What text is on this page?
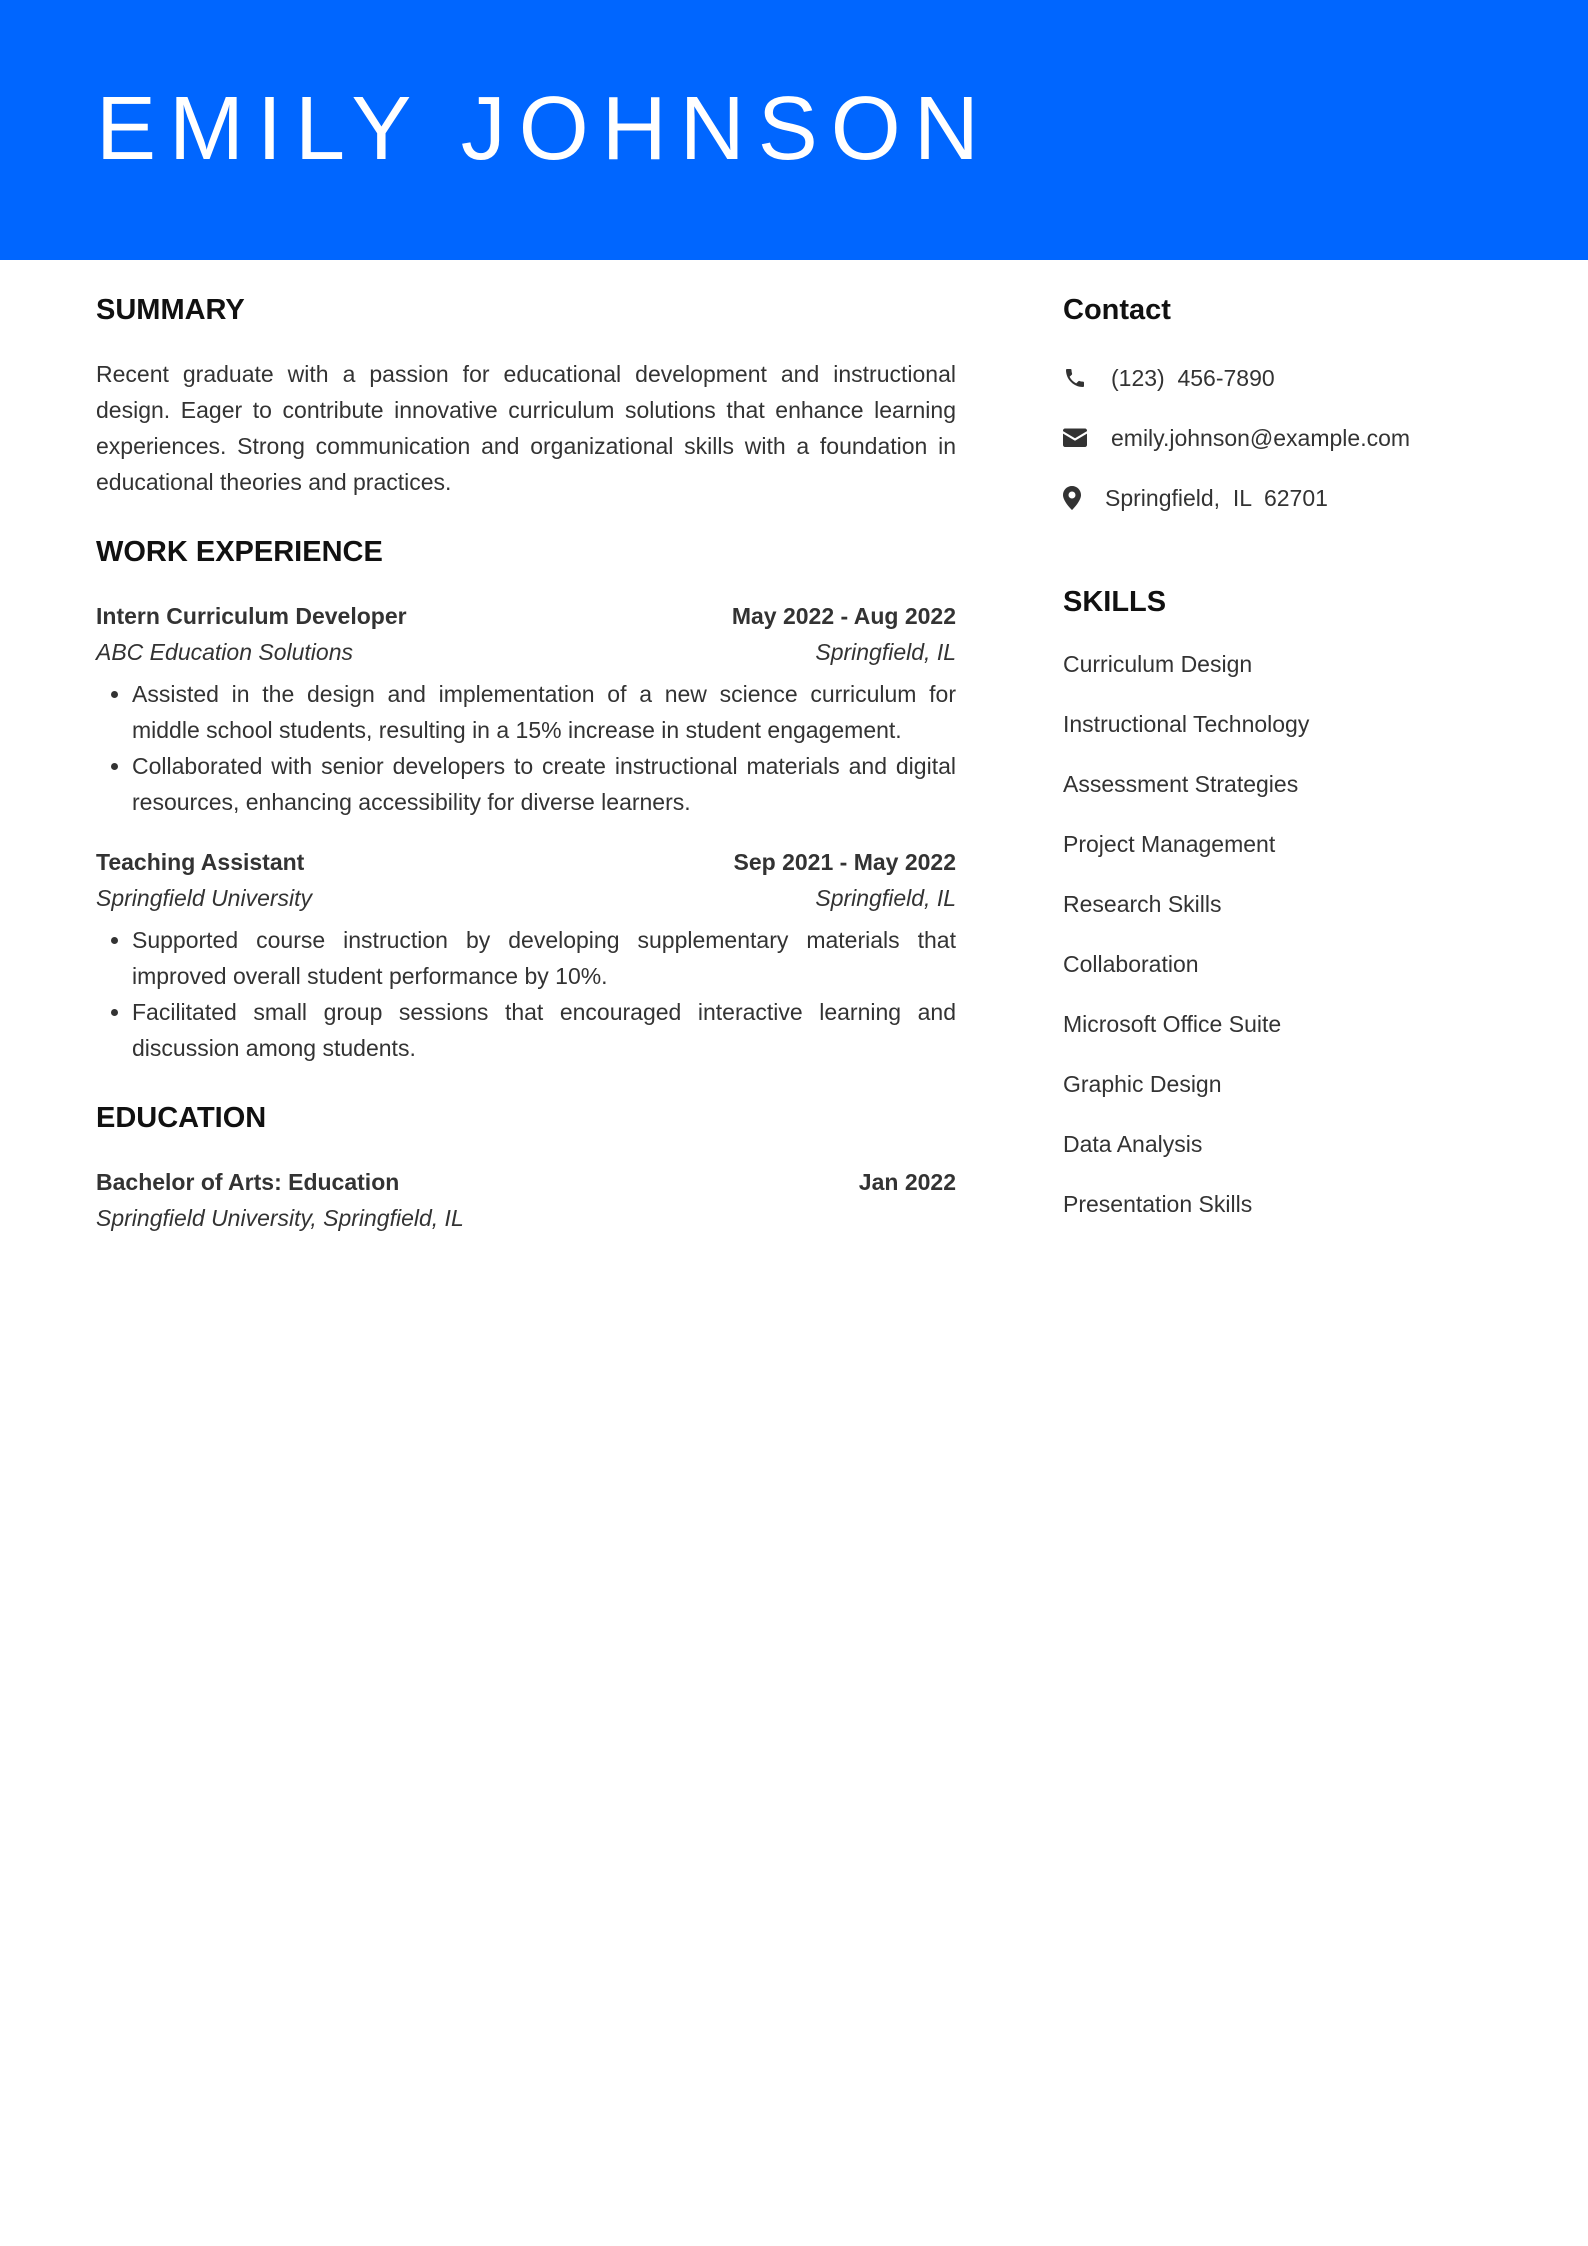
EMILY JOHNSON
SUMMARY

Recent graduate with a passion for educational development and instructional design. Eager to contribute innovative curriculum solutions that enhance learning experiences. Strong communication and organizational skills with a foundation in educational theories and practices.

WORK EXPERIENCE
Intern Curriculum Developer	May 2022 - Aug 2022
ABC Education Solutions	Springfield, IL
• Assisted in the design and implementation of a new science curriculum for middle school students, resulting in a 15% increase in student engagement.
• Collaborated with senior developers to create instructional materials and digital resources, enhancing accessibility for diverse learners.
Teaching Assistant	Sep 2021 - May 2022
Springfield University	Springfield, IL
• Supported course instruction by developing supplementary materials that improved overall student performance by 10%.
• Facilitated small group sessions that encouraged interactive learning and discussion among students.
EDUCATION
Bachelor of Arts: Education	Jan 2022
Springfield University, Springfield, IL
Contact
(123)  456-7890
emily.johnson@example.com
Springfield,  IL  62701
SKILLS
Curriculum Design
Instructional Technology
Assessment Strategies
Project Management
Research Skills
Collaboration
Microsoft Office Suite
Graphic Design
Data Analysis
Presentation Skills
